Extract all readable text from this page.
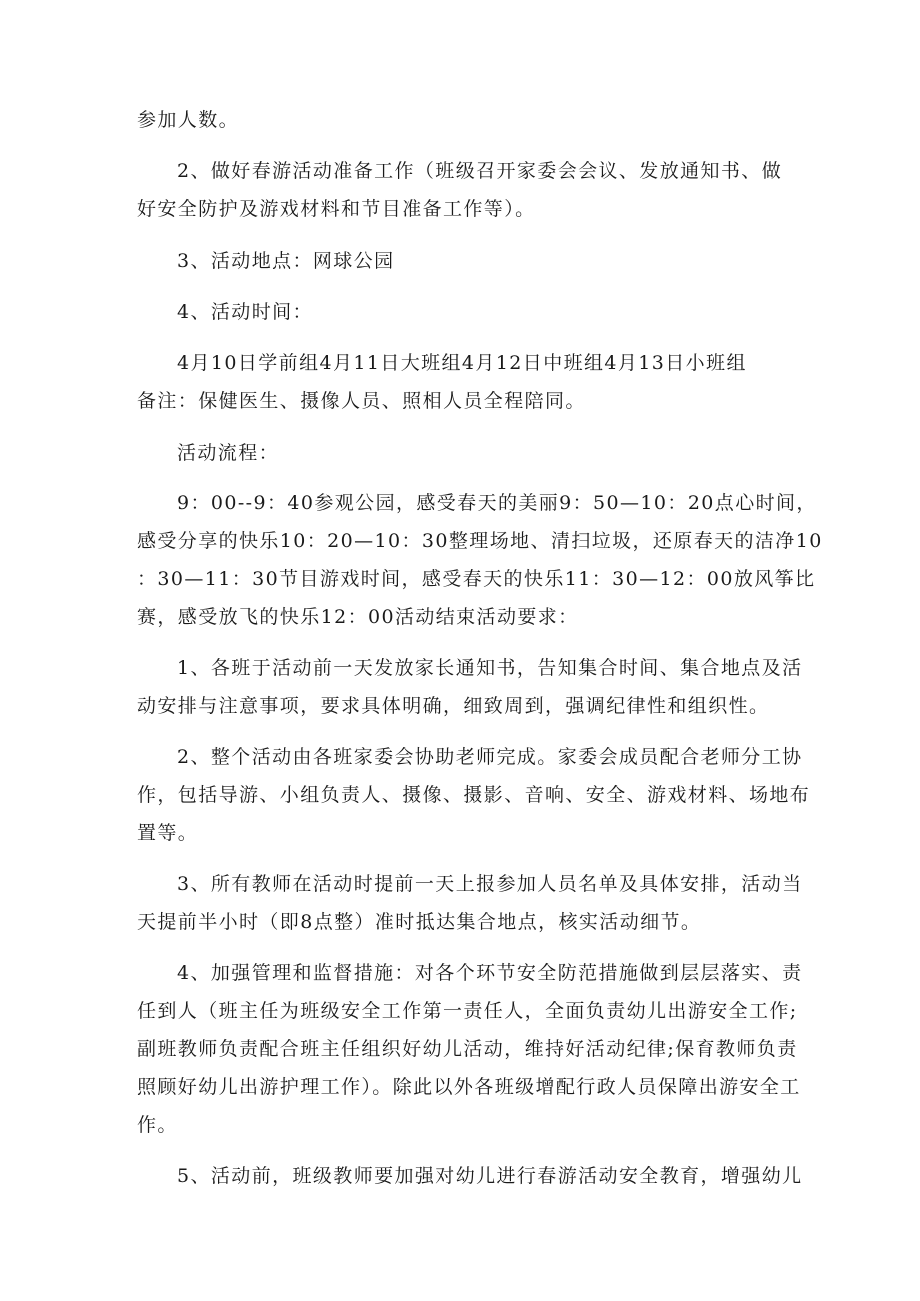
参加人数。
2、做好春游活动准备工作（班级召开家委会会议、发放通知书、做
好安全防护及游戏材料和节目准备工作等）。
3、活动地点：网球公园
4、活动时间：
4月10日学前组4月11日大班组4月12日中班组4月13日小班组
备注：保健医生、摄像人员、照相人员全程陪同。
活动流程：
9：00--9：40参观公园，感受春天的美丽9：50—10：20点心时间，
感受分享的快乐10：20—10：30整理场地、清扫垃圾，还原春天的洁净10
：30—11：30节目游戏时间，感受春天的快乐11：30—12：00放风筝比
赛，感受放飞的快乐12：00活动结束活动要求：
1、各班于活动前一天发放家长通知书，告知集合时间、集合地点及活
动安排与注意事项，要求具体明确，细致周到，强调纪律性和组织性。
2、整个活动由各班家委会协助老师完成。家委会成员配合老师分工协
作，包括导游、小组负责人、摄像、摄影、音响、安全、游戏材料、场地布
置等。
3、所有教师在活动时提前一天上报参加人员名单及具体安排，活动当
天提前半小时（即8点整）准时抵达集合地点，核实活动细节。
4、加强管理和监督措施：对各个环节安全防范措施做到层层落实、责
任到人（班主任为班级安全工作第一责任人，全面负责幼儿出游安全工作;
副班教师负责配合班主任组织好幼儿活动，维持好活动纪律;保育教师负责
照顾好幼儿出游护理工作）。除此以外各班级增配行政人员保障出游安全工
作。
5、活动前，班级教师要加强对幼儿进行春游活动安全教育，增强幼儿
